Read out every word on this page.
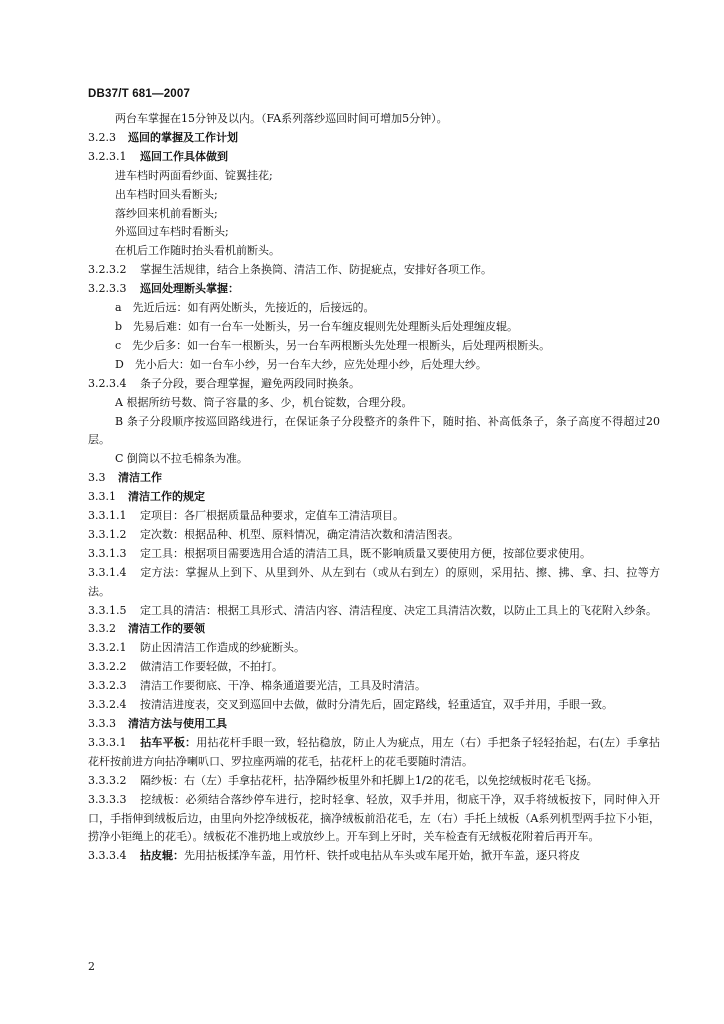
DB37/T 681—2007
两台车掌握在15分钟及以内。（FA系列落纱巡回时间可增加5分钟）。
3.2.3 巡回的掌握及工作计划
3.2.3.1 巡回工作具体做到
进车档时两面看纱面、锭翼挂花;
出车档时回头看断头;
落纱回来机前看断头;
外巡回过车档时看断头;
在机后工作随时抬头看机前断头。
3.2.3.2 掌握生活规律，结合上条换筒、清洁工作、防捉疵点，安排好各项工作。
3.2.3.3 巡回处理断头掌握：
a　先近后远：如有两处断头，先接近的，后接远的。
b　先易后难：如有一台车一处断头，另一台车缠皮辊则先处理断头后处理缠皮辊。
c　先少后多：如一台车一根断头，另一台车两根断头先处理一根断头，后处理两根断头。
D　先小后大：如一台车小纱，另一台车大纱，应先处理小纱，后处理大纱。
3.2.3.4 条子分段，要合理掌握，避免两段同时换条。
A 根据所纺号数、筒子容量的多、少，机台锭数，合理分段。
B 条子分段顺序按巡回路线进行，在保证条子分段整齐的条件下，随时掐、补高低条子，条子高度不得超过20层。
C 倒筒以不拉毛棉条为准。
3.3 清洁工作
3.3.1 清洁工作的规定
3.3.1.1 定项目：各厂根据质量品种要求，定值车工清洁项目。
3.3.1.2 定次数：根据品种、机型、原料情况，确定清洁次数和清洁图表。
3.3.1.3 定工具：根据项目需要选用合适的清洁工具，既不影响质量又要使用方便，按部位要求使用。
3.3.1.4 定方法：掌握从上到下、从里到外、从左到右（或从右到左）的原则，采用拈、擦、拂、拿、扫、拉等方法。
3.3.1.5 定工具的清洁：根据工具形式、清洁内容、清洁程度、决定工具清洁次数，以防止工具上的飞花附入纱条。
3.3.2 清洁工作的要领
3.3.2.1 防止因清洁工作造成的纱疵断头。
3.3.2.2 做清洁工作要轻做，不拍打。
3.3.2.3 清洁工作要彻底、干净、棉条通道要光洁，工具及时清洁。
3.3.2.4 按清洁进度表，交叉到巡回中去做，做时分清先后，固定路线，轻重适宜，双手并用，手眼一致。
3.3.3 清洁方法与使用工具
3.3.3.1 拈车平板：用拈花杆手眼一致，轻拈稳放，防止人为疵点，用左（右）手把条子轻轻抬起，右(左）手拿拈花杆按前进方向拈净喇叭口、罗拉座两端的花毛，拈花杆上的花毛要随时清洁。
3.3.3.2 隔纱板：右（左）手拿拈花杆，拈净隔纱板里外和托脚上1/2的花毛，以免挖绒板时花毛飞扬。
3.3.3.3 挖绒板：必须结合落纱停车进行，挖时轻拿、轻放，双手并用，彻底干净，双手将绒板按下，同时伸入开口，手指伸到绒板后边，由里向外挖净绒板花，摘净绒板前沿花毛，左（右）手托上绒板（A系列机型两手拉下小钜，捞净小钜绳上的花毛）。绒板花不准扔地上或放纱上。开车到上牙时，关车检查有无绒板花附着后再开车。
3.3.3.4 拈皮辊：先用拈板揉净车盖，用竹杆、铁扦或电拈从车头或车尾开始，掀开车盖，逐只将皮
2
